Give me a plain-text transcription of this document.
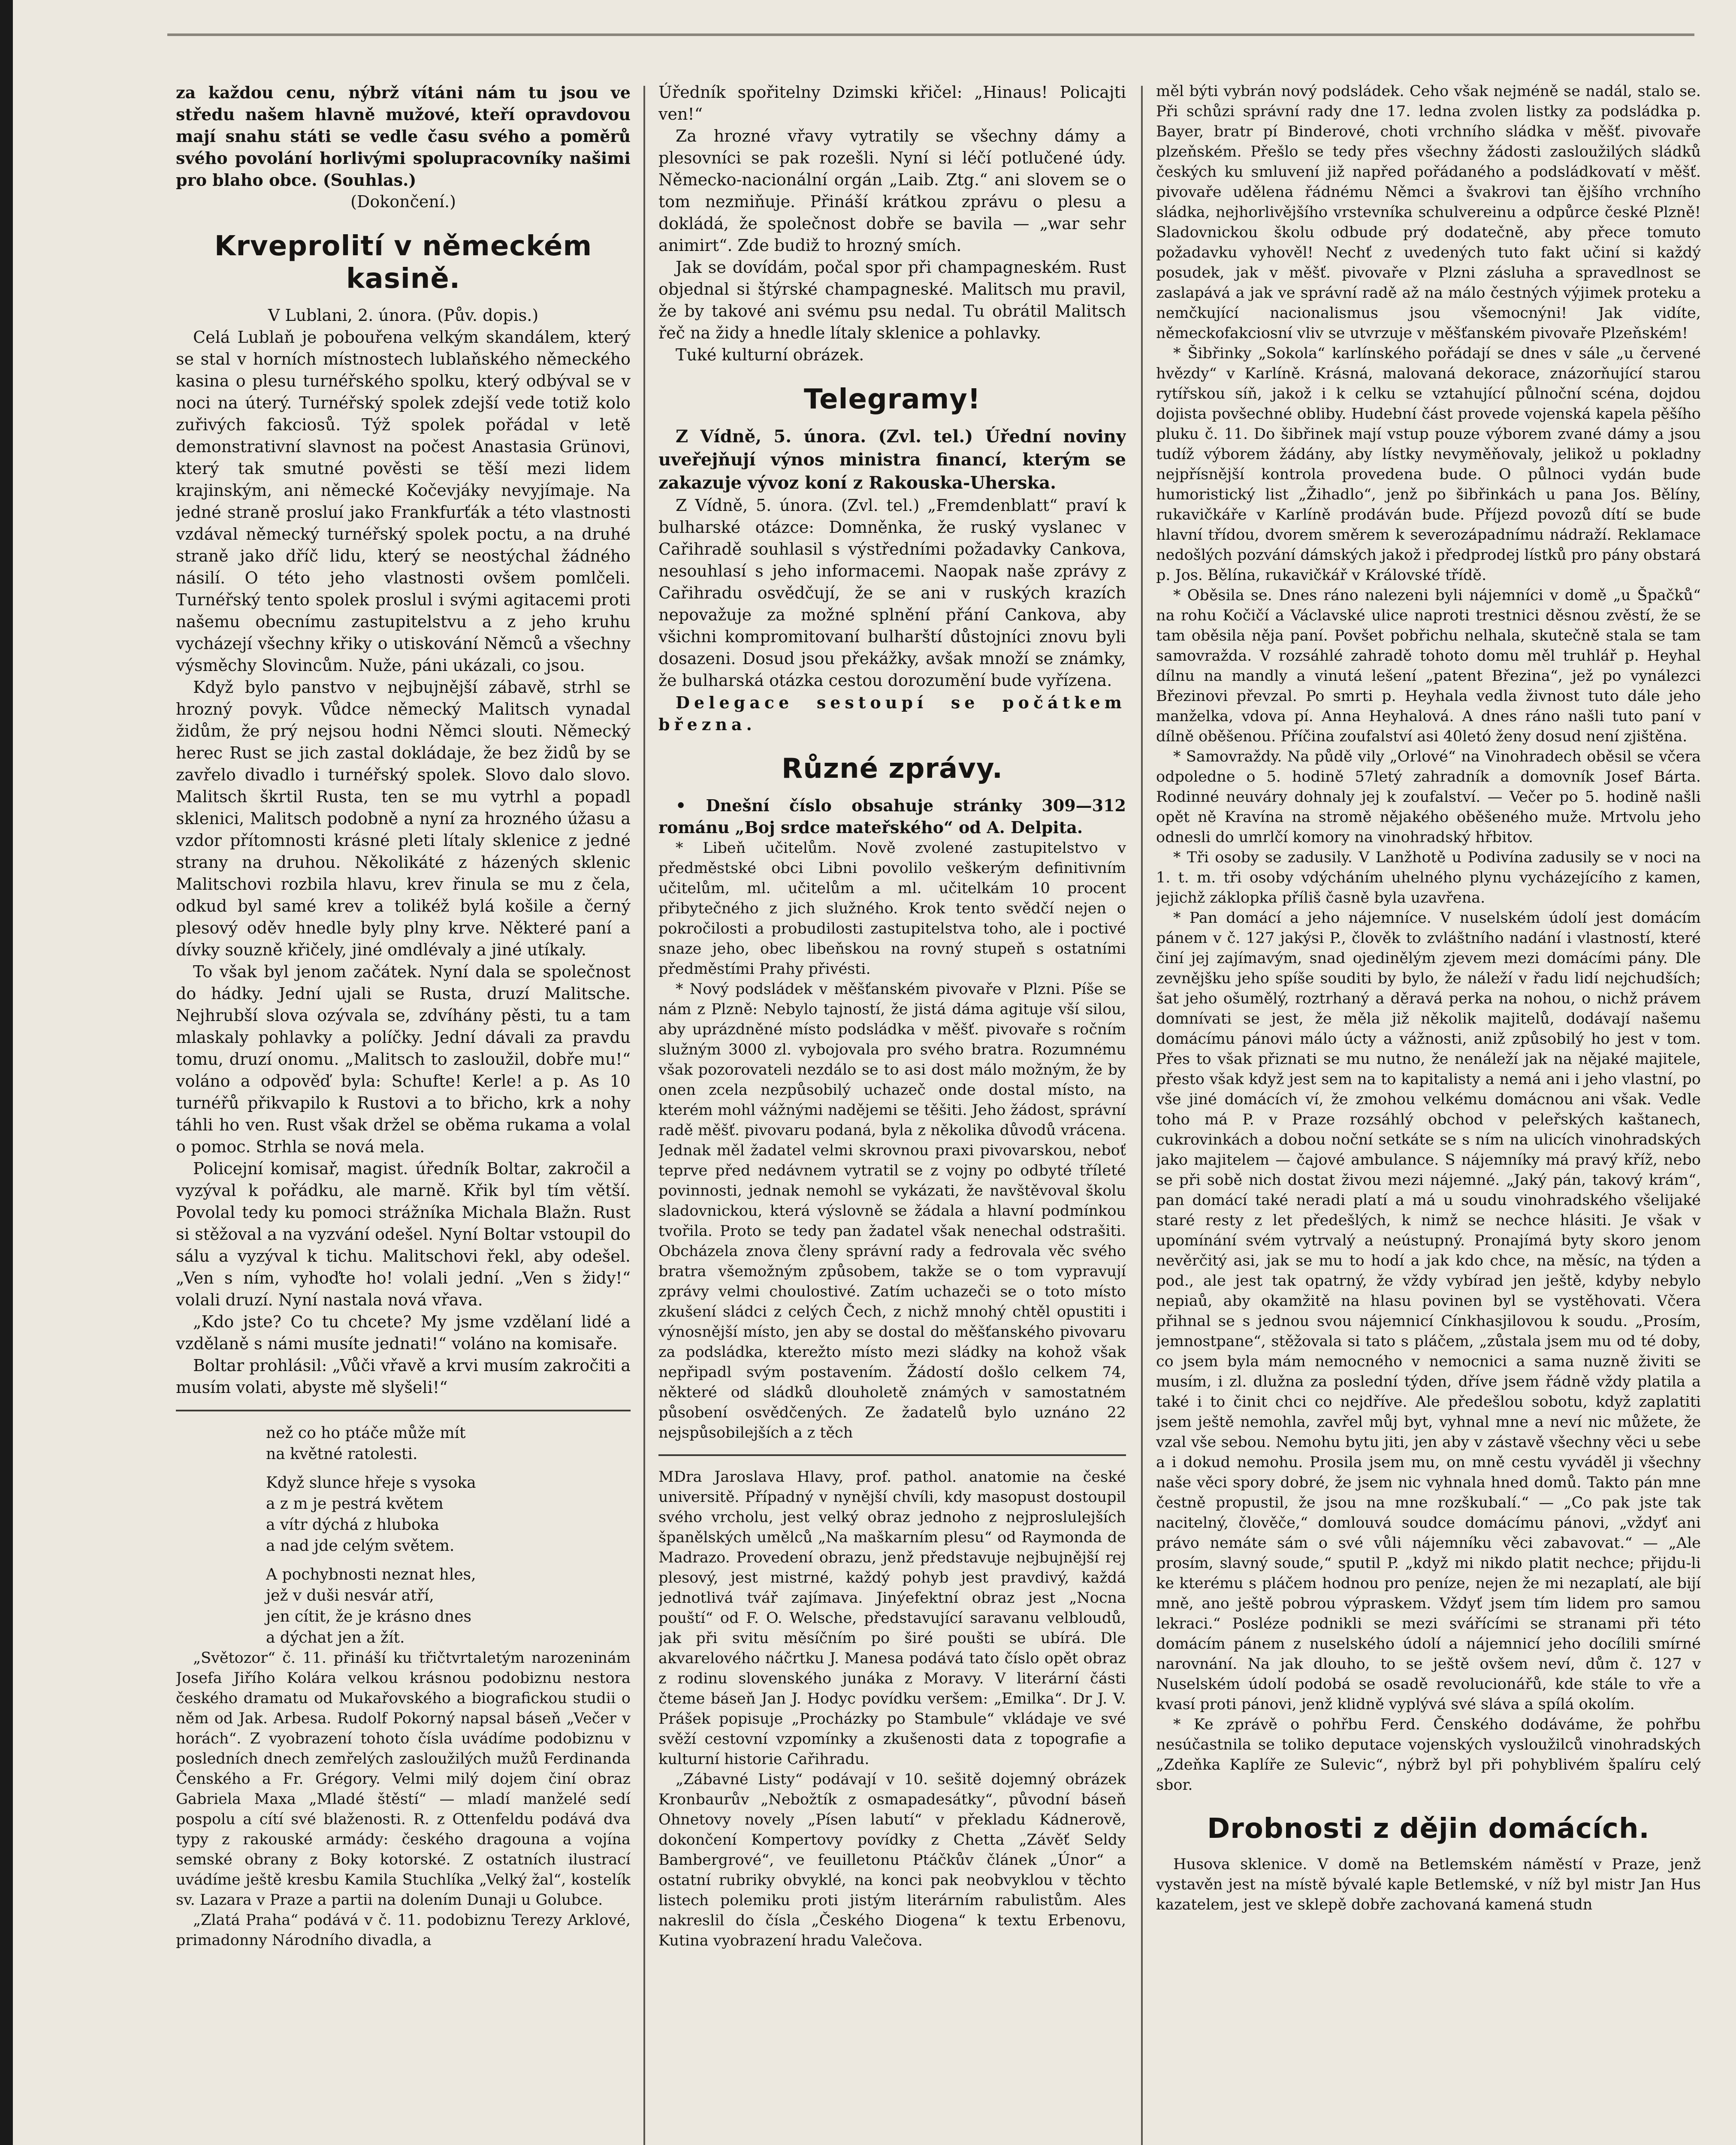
za každou cenu, nýbrž vítáni nám tu jsou ve středu našem hlavně mužové, kteří opravdovou mají snahu státi se vedle času svého a poměrů svého povolání horlivými spolupracovníky našimi pro blaho obce. (Souhlas.)

(Dokončení.)

Krveprolití v německém kasině.

V Lublani, 2. února. (Pův. dopis.)

Celá Lublaň je pobouřena velkým skandálem, který se stal v horních místnostech lublaňského německého kasina o plesu turnéřského spolku, který odbýval se v noci na úterý. Turnéřský spolek zdejší vede totiž kolo zuřivých fakciosů. Týž spolek pořádal v letě demonstrativní slavnost na počest Anastasia Grünovi, který tak smutné pověsti se těší mezi lidem krajinským, ani německé Kočevjáky nevyjímaje. Na jedné straně prosluí jako Frankfurťák a této vlastnosti vzdával německý turnéřský spolek poctu, a na druhé straně jako dříč lidu, který se neostýchal žádného násilí. O této jeho vlastnosti ovšem pomlčeli. Turnéřský tento spolek proslul i svými agitacemi proti našemu obecnímu zastupitelstvu a z jeho kruhu vycházejí všechny křiky o utiskování Němců a všechny výsměchy Slovincům. Nuže, páni ukázali, co jsou.

Když bylo panstvo v nejbujnější zábavě, strhl se hrozný povyk. Vůdce německý Malitsch vynadal židům, že prý nejsou hodni Němci slouti. Německý herec Rust se jich zastal dokládaje, že bez židů by se zavřelo divadlo i turnéřský spolek. Slovo dalo slovo. Malitsch škrtil Rusta, ten se mu vytrhl a popadl sklenici, Malitsch podobně a nyní za hrozného úžasu a vzdor přítomnosti krásné pleti lítaly sklenice z jedné strany na druhou. Několikáté z házených sklenic Malitschovi rozbila hlavu, krev řinula se mu z čela, odkud byl samé krev a tolikéž bylá košile a černý plesový oděv hnedle byly plny krve. Některé paní a dívky souzně křičely, jiné omdlévaly a jiné utíkaly.

To však byl jenom začátek. Nyní dala se společnost do hádky. Jední ujali se Rusta, druzí Malitsche. Nejhrubší slova ozývala se, zdvíhány pěsti, tu a tam mlaskaly pohlavky a políčky. Jední dávali za pravdu tomu, druzí onomu. „Malitsch to zasloužil, dobře mu!“ voláno a odpověď byla: Schufte! Kerle! a p. As 10 turnéřů přikvapilo k Rustovi a to břicho, krk a nohy táhli ho ven. Rust však držel se oběma rukama a volal o pomoc. Strhla se nová mela.

Policejní komisař, magist. úředník Boltar, zakročil a vyzýval k pořádku, ale marně. Křik byl tím větší. Povolal tedy ku pomoci strážníka Michala Blažn. Rust si stěžoval a na vyzvání odešel. Nyní Boltar vstoupil do sálu a vyzýval k tichu. Malitschovi řekl, aby odešel. „Ven s ním, vyhoďte ho! volali jední. „Ven s židy!“ volali druzí. Nyní nastala nová vřava.

„Kdo jste? Co tu chcete? My jsme vzdělaní lidé a vzdělaně s námi musíte jednati!“ voláno na komisaře.

Boltar prohlásil: „Vůči vřavě a krvi musím zakročiti a musím volati, abyste mě slyšeli!“

než co ho ptáče může mít

na květné ratolesti.

Když slunce hřeje s vysoka

a z m je pestrá květem

a vítr dýchá z hluboka

a nad jde celým světem.

A pochybnosti neznat hles,

jež v duši nesvár atří,

jen cítit, že je krásno dnes

a dýchat jen a žít.

„Světozor“ č. 11. přináší ku třičtvrtaletým narozeninám Josefa Jiřího Kolára velkou krásnou podobiznu nestora českého dramatu od Mukařovského a biografickou studii o něm od Jak. Arbesa. Rudolf Pokorný napsal báseň „Večer v horách“. Z vyobrazení tohoto čísla uvádíme podobiznu v posledních dnech zemřelých zasloužilých mužů Ferdinanda Čenského a Fr. Grégory. Velmi milý dojem činí obraz Gabriela Maxa „Mladé štěstí“ — mladí manželé sedí pospolu a cítí své blaženosti. R. z Ottenfeldu podává dva typy z rakouské armády: českého dragouna a vojína semské obrany z Boky kotorské. Z ostatních ilustrací uvádíme ještě kresbu Kamila Stuchlíka „Velký žal“, kostelík sv. Lazara v Praze a partii na dolením Dunaji u Golubce.

„Zlatá Praha“ podává v č. 11. podobiznu Terezy Arklové, primadonny Národního divadla, a

Úředník spořitelny Dzimski křičel: „Hinaus! Policajti ven!“

Za hrozné vřavy vytratily se všechny dámy a plesovníci se pak rozešli. Nyní si léčí potlučené údy. Německo-nacionální orgán „Laib. Ztg.“ ani slovem se o tom nezmiňuje. Přináší krátkou zprávu o plesu a dokládá, že společnost dobře se bavila — „war sehr animirt“. Zde budiž to hrozný smích.

Jak se dovídám, počal spor při champagneském. Rust objednal si štýrské champagneské. Malitsch mu pravil, že by takové ani svému psu nedal. Tu obrátil Malitsch řeč na židy a hnedle lítaly sklenice a pohlavky.

Tuké kulturní obrázek.

Telegramy!

Z Vídně, 5. února. (Zvl. tel.) Úřední noviny uveřejňují výnos ministra financí, kterým se zakazuje vývoz koní z Rakouska-Uherska.

Z Vídně, 5. února. (Zvl. tel.) „Fremdenblatt“ praví k bulharské otázce: Domněnka, že ruský vyslanec v Cařihradě souhlasil s výstředními požadavky Cankova, nesouhlasí s jeho informacemi. Naopak naše zprávy z Cařihradu osvědčují, že se ani v ruských krazích nepovažuje za možné splnění přání Cankova, aby všichni kompromitovaní bulharští důstojníci znovu byli dosazeni. Dosud jsou překážky, avšak množí se známky, že bulharská otázka cestou dorozumění bude vyřízena.

Delegace sestoupí se počátkem března.

Různé zprávy.

• Dnešní číslo obsahuje stránky 309—312 románu „Boj srdce mateřského“ od A. Delpita.

* Libeň učitelům. Nově zvolené zastupitelstvo v předměstské obci Libni povolilo veškerým definitivním učitelům, ml. učitelům a ml. učitelkám 10 procent přibytečného z jich služného. Krok tento svědčí nejen o pokročilosti a probudilosti zastupitelstva toho, ale i poctivé snaze jeho, obec libeňskou na rovný stupeň s ostatními předměstími Prahy přivésti.

* Nový podsládek v měšťanském pivovaře v Plzni. Píše se nám z Plzně: Nebylo tajností, že jistá dáma agituje vší silou, aby uprázdněné místo podsládka v měšť. pivovaře s ročním služným 3000 zl. vybojovala pro svého bratra. Rozumnému však pozorovateli nezdálo se to asi dost málo možným, že by onen zcela nezpůsobilý uchazeč onde dostal místo, na kterém mohl vážnými nadějemi se těšiti. Jeho žádost, správní radě měšť. pivovaru podaná, byla z několika důvodů vrácena. Jednak měl žadatel velmi skrovnou praxi pivovarskou, neboť teprve před nedávnem vytratil se z vojny po odbyté tříleté povinnosti, jednak nemohl se vykázati, že navštěvoval školu sladovnickou, která výslovně se žádala a hlavní podmínkou tvořila. Proto se tedy pan žadatel však nenechal odstrašiti. Obcházela znova členy správní rady a fedrovala věc svého bratra všemožným způsobem, takže se o tom vypravují zprávy velmi choulostivé. Zatím uchazeči se o toto místo zkušení sládci z celých Čech, z nichž mnohý chtěl opustiti i výnosnější místo, jen aby se dostal do měšťanského pivovaru za podsládka, kterežto místo mezi sládky na kohož však nepřipadl svým postavením. Žádostí došlo celkem 74, některé od sládků dlouholetě známých v samostatném působení osvědčených. Ze žadatelů bylo uznáno 22 nejspůsobilejších a z těch

MDra Jaroslava Hlavy, prof. pathol. anatomie na české universitě. Případný v nynější chvíli, kdy masopust dostoupil svého vrcholu, jest velký obraz jednoho z nejproslulejších španělských umělců „Na maškarním plesu“ od Raymonda de Madrazo. Provedení obrazu, jenž představuje nejbujnější rej plesový, jest mistrné, každý pohyb jest pravdivý, každá jednotlivá tvář zajímava. Jinýefektní obraz jest „Nocna pouští“ od F. O. Welsche, představující saravanu velbloudů, jak při svitu měsíčním po širé poušti se ubírá. Dle akvarelového náčrtku J. Manesa podává tato číslo opět obraz z rodinu slovenského junáka z Moravy. V literární části čteme báseň Jan J. Hodyc povídku veršem: „Emilka“. Dr J. V. Prášek popisuje „Procházky po Stambule“ vkládaje ve své svěží cestovní vzpomínky a zkušenosti data z topografie a kulturní historie Cařihradu.

„Zábavné Listy“ podávají v 10. sešitě dojemný obrázek Kronbaurův „Nebožtík z osmapadesátky“, původní báseň Ohnetovy novely „Písen labutí“ v překladu Kádnerově, dokončení Kompertovy povídky z Chetta „Závěť Seldy Bambergrové“, ve feuilletonu Ptáčkův článek „Únor“ a ostatní rubriky obvyklé, na konci pak neobvyklou v těchto listech polemiku proti jistým literárním rabulistům. Ales nakreslil do čísla „Českého Diogena“ k textu Erbenovu, Kutina vyobrazení hradu Valečova.

měl býti vybrán nový podsládek. Ceho však nejméně se nadál, stalo se. Při schůzi správní rady dne 17. ledna zvolen listky za podsládka p. Bayer, bratr pí Binderové, choti vrchního sládka v měšť. pivovaře plzeňském. Přešlo se tedy přes všechny žádosti zasloužilých sládků českých ku smluvení již napřed pořádaného a podsládkovatí v měšť. pivovaře udělena řádnému Němci a švakrovi tan ějšího vrchního sládka, nejhorlivějšího vrstevníka schulvereinu a odpůrce české Plzně! Sladovnickou školu odbude prý dodatečně, aby přece tomuto požadavku vyhověl! Nechť z uvedených tuto fakt učiní si každý posudek, jak v měšť. pivovaře v Plzni zásluha a spravedlnost se zaslapává a jak ve správní radě až na málo čestných výjimek proteku a nemčkující nacionalismus jsou všemocnýni! Jak vidíte, německofakciosní vliv se utvrzuje v měšťanském pivovaře Plzeňském!

* Šibřinky „Sokola“ karlínského pořádají se dnes v sále „u červené hvězdy“ v Karlíně. Krásná, malovaná dekorace, znázorňující starou rytířskou síň, jakož i k celku se vztahující půlnoční scéna, dojdou dojista povšechné obliby. Hudební část provede vojenská kapela pěšího pluku č. 11. Do šibřinek mají vstup pouze výborem zvané dámy a jsou tudíž výborem žádány, aby lístky nevyměňovaly, jelikož u pokladny nejpřísnější kontrola provedena bude. O půlnoci vydán bude humoristický list „Žihadlo“, jenž po šibřinkách u pana Jos. Bělíny, rukavičkáře v Karlíně prodáván bude. Příjezd povozů dítí se bude hlavní třídou, dvorem směrem k severozápadnímu nádraží. Reklamace nedošlých pozvání dámských jakož i předprodej lístků pro pány obstará p. Jos. Bělína, rukavičkář v Královské třídě.

* Oběsila se. Dnes ráno nalezeni byli nájemníci v domě „u Špačků“ na rohu Kočičí a Václavské ulice naproti trestnici děsnou zvěstí, že se tam oběsila něja paní. Povšet pobřichu nelhala, skutečně stala se tam samovražda. V rozsáhlé zahradě tohoto domu měl truhlář p. Heyhal dílnu na mandly a vinutá lešení „patent Březina“, jež po vynálezci Březinovi převzal. Po smrti p. Heyhala vedla živnost tuto dále jeho manželka, vdova pí. Anna Heyhalová. A dnes ráno našli tuto paní v dílně oběšenou. Příčina zoufalství asi 40letó ženy dosud není zjištěna.

* Samovraždy. Na půdě vily „Orlové“ na Vinohradech oběsil se včera odpoledne o 5. hodině 57letý zahradník a domovník Josef Bárta. Rodinné neuváry dohnaly jej k zoufalství. — Večer po 5. hodině našli opět ně Kravína na stromě nějakého oběšeného muže. Mrtvolu jeho odnesli do umrlčí komory na vinohradský hřbitov.

* Tři osoby se zadusily. V Lanžhotě u Podivína zadusily se v noci na 1. t. m. tři osoby vdýcháním uhelného plynu vycházejícího z kamen, jejichž záklopka příliš časně byla uzavřena.

* Pan domácí a jeho nájemníce. V nuselském údolí jest domácím pánem v č. 127 jakýsi P., člověk to zvláštního nadání i vlastností, které činí jej zajímavým, snad ojedinělým zjevem mezi domácími pány. Dle zevnějšku jeho spíše souditi by bylo, že náleží v řadu lidí nejchudších; šat jeho ošumělý, roztrhaný a děravá perka na nohou, o nichž právem domnívati se jest, že měla již několik majitelů, dodávají našemu domácímu pánovi málo úcty a vážnosti, aniž způsobilý ho jest v tom. Přes to však přiznati se mu nutno, že nenáleží jak na nějaké majitele, přesto však když jest sem na to kapitalisty a nemá ani i jeho vlastní, po vše jiné domácích ví, že zmohou velkému domácnou ani však. Vedle toho má P. v Praze rozsáhlý obchod v peleřských kaštanech, cukrovinkách a dobou noční setkáte se s ním na ulicích vinohradských jako majitelem — čajové ambulance. S nájemníky má pravý kříž, nebo se při sobě nich dostat živou mezi nájemné. „Jaký pán, takový krám“, pan domácí také neradi platí a má u soudu vinohradského všelijaké staré resty z let předešlých, k nimž se nechce hlásiti. Je však v upomínání svém vytrvalý a neústupný. Pronajímá byty skoro jenom nevěrčitý asi, jak se mu to hodí a jak kdo chce, na měsíc, na týden a pod., ale jest tak opatrný, že vždy vybírad jen ještě, kdyby nebylo nepiaů, aby okamžitě na hlasu povinen byl se vystěhovati. Včera přihnal se s jednou svou nájemnicí Cínkhasjilovou k soudu. „Prosím, jemnostpane“, stěžovala si tato s pláčem, „zůstala jsem mu od té doby, co jsem byla mám nemocného v nemocnici a sama nuzně živiti se musím, i zl. dlužna za poslední týden, dříve jsem řádně vždy platila a také i to činit chci co nejdříve. Ale předešlou sobotu, když zaplatiti jsem ještě nemohla, zavřel můj byt, vyhnal mne a neví nic můžete, že vzal vše sebou. Nemohu bytu jiti, jen aby v zástavě všechny věci u sebe a i dokud nemohu. Prosila jsem mu, on mně cestu vyváděl ji všechny naše věci spory dobré, že jsem nic vyhnala hned domů. Takto pán mne čestně propustil, že jsou na mne rozškubalí.“ — „Co pak jste tak nacitelný, člověče,“ domlouvá soudce domácímu pánovi, „vždyť ani právo nemáte sám o své vůli nájemníku věci zabavovat.“ — „Ale prosím, slavný soude,“ sputil P. „když mi nikdo platit nechce; přijdu-li ke kterému s pláčem hodnou pro peníze, nejen že mi nezaplatí, ale bijí mně, ano ještě pobrou výpraskem. Vždyť jsem tím lidem pro samou lekraci.“ Posléze podnikli se mezi svářícími se stranami při této domácím pánem z nuselského údolí a nájemnicí jeho docílili smírné narovnání. Na jak dlouho, to se ještě ovšem neví, dům č. 127 v Nuselském údolí podobá se osadě revolucionářů, kde stále to vře a kvasí proti pánovi, jenž klidně vyplývá své sláva a spílá okolím.

* Ke zprávě o pohřbu Ferd. Čenského dodáváme, že pohřbu nesúčastnila se toliko deputace vojenských vysloužilců vinohradských „Zdeňka Kaplíře ze Sulevic“, nýbrž byl při pohyblivém špalíru celý sbor.

Drobnosti z dějin domácích.

Husova sklenice. V domě na Betlemském náměstí v Praze, jenž vystavěn jest na místě bývalé kaple Betlemské, v níž byl mistr Jan Hus kazatelem, jest ve sklepě dobře zachovaná kamená studn
